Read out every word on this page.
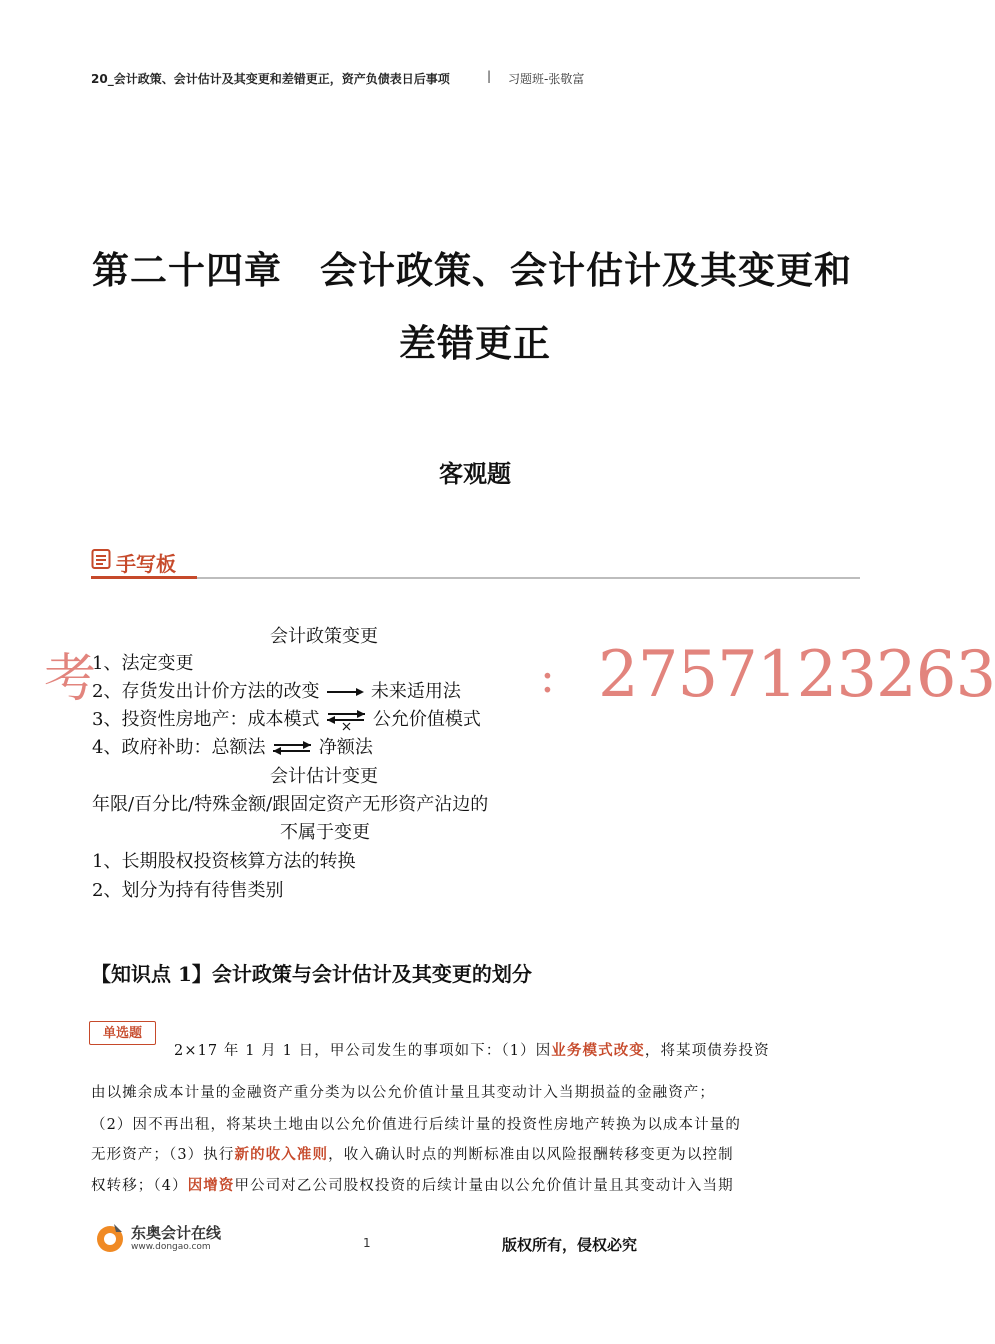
20_会计政策、会计估计及其变更和差错更正，资产负债表日后事项	| 习题班-张敬富
第二十四章　会计政策、会计估计及其变更和
差错更正
客观题
手写板
会计政策变更
1、法定变更
2、存货发出计价方法的改变	未来适用法
3、投资性房地产：成本模式	公允价值模式
4、政府补助：总额法	净额法
会计估计变更
年限/百分比/特殊金额/跟固定资产无形资产沾边的
不属于变更
1、长期股权投资核算方法的转换
2、划分为持有待售类别
考	: 2757123263
【知识点 1】会计政策与会计估计及其变更的划分
单选题
2×17 年 1 月 1 日，甲公司发生的事项如下：（1）因业务模式改变，将某项债券投资
由以摊余成本计量的金融资产重分类为以公允价值计量且其变动计入当期损益的金融资产；
（2）因不再出租，将某块土地由以公允价值进行后续计量的投资性房地产转换为以成本计量的
无形资产；（3）执行新的收入准则，收入确认时点的判断标准由以风险报酬转移变更为以控制
权转移；（4）因增资甲公司对乙公司股权投资的后续计量由以公允价值计量且其变动计入当期
东奥会计在线
www.dongao.com	1	版权所有，侵权必究
